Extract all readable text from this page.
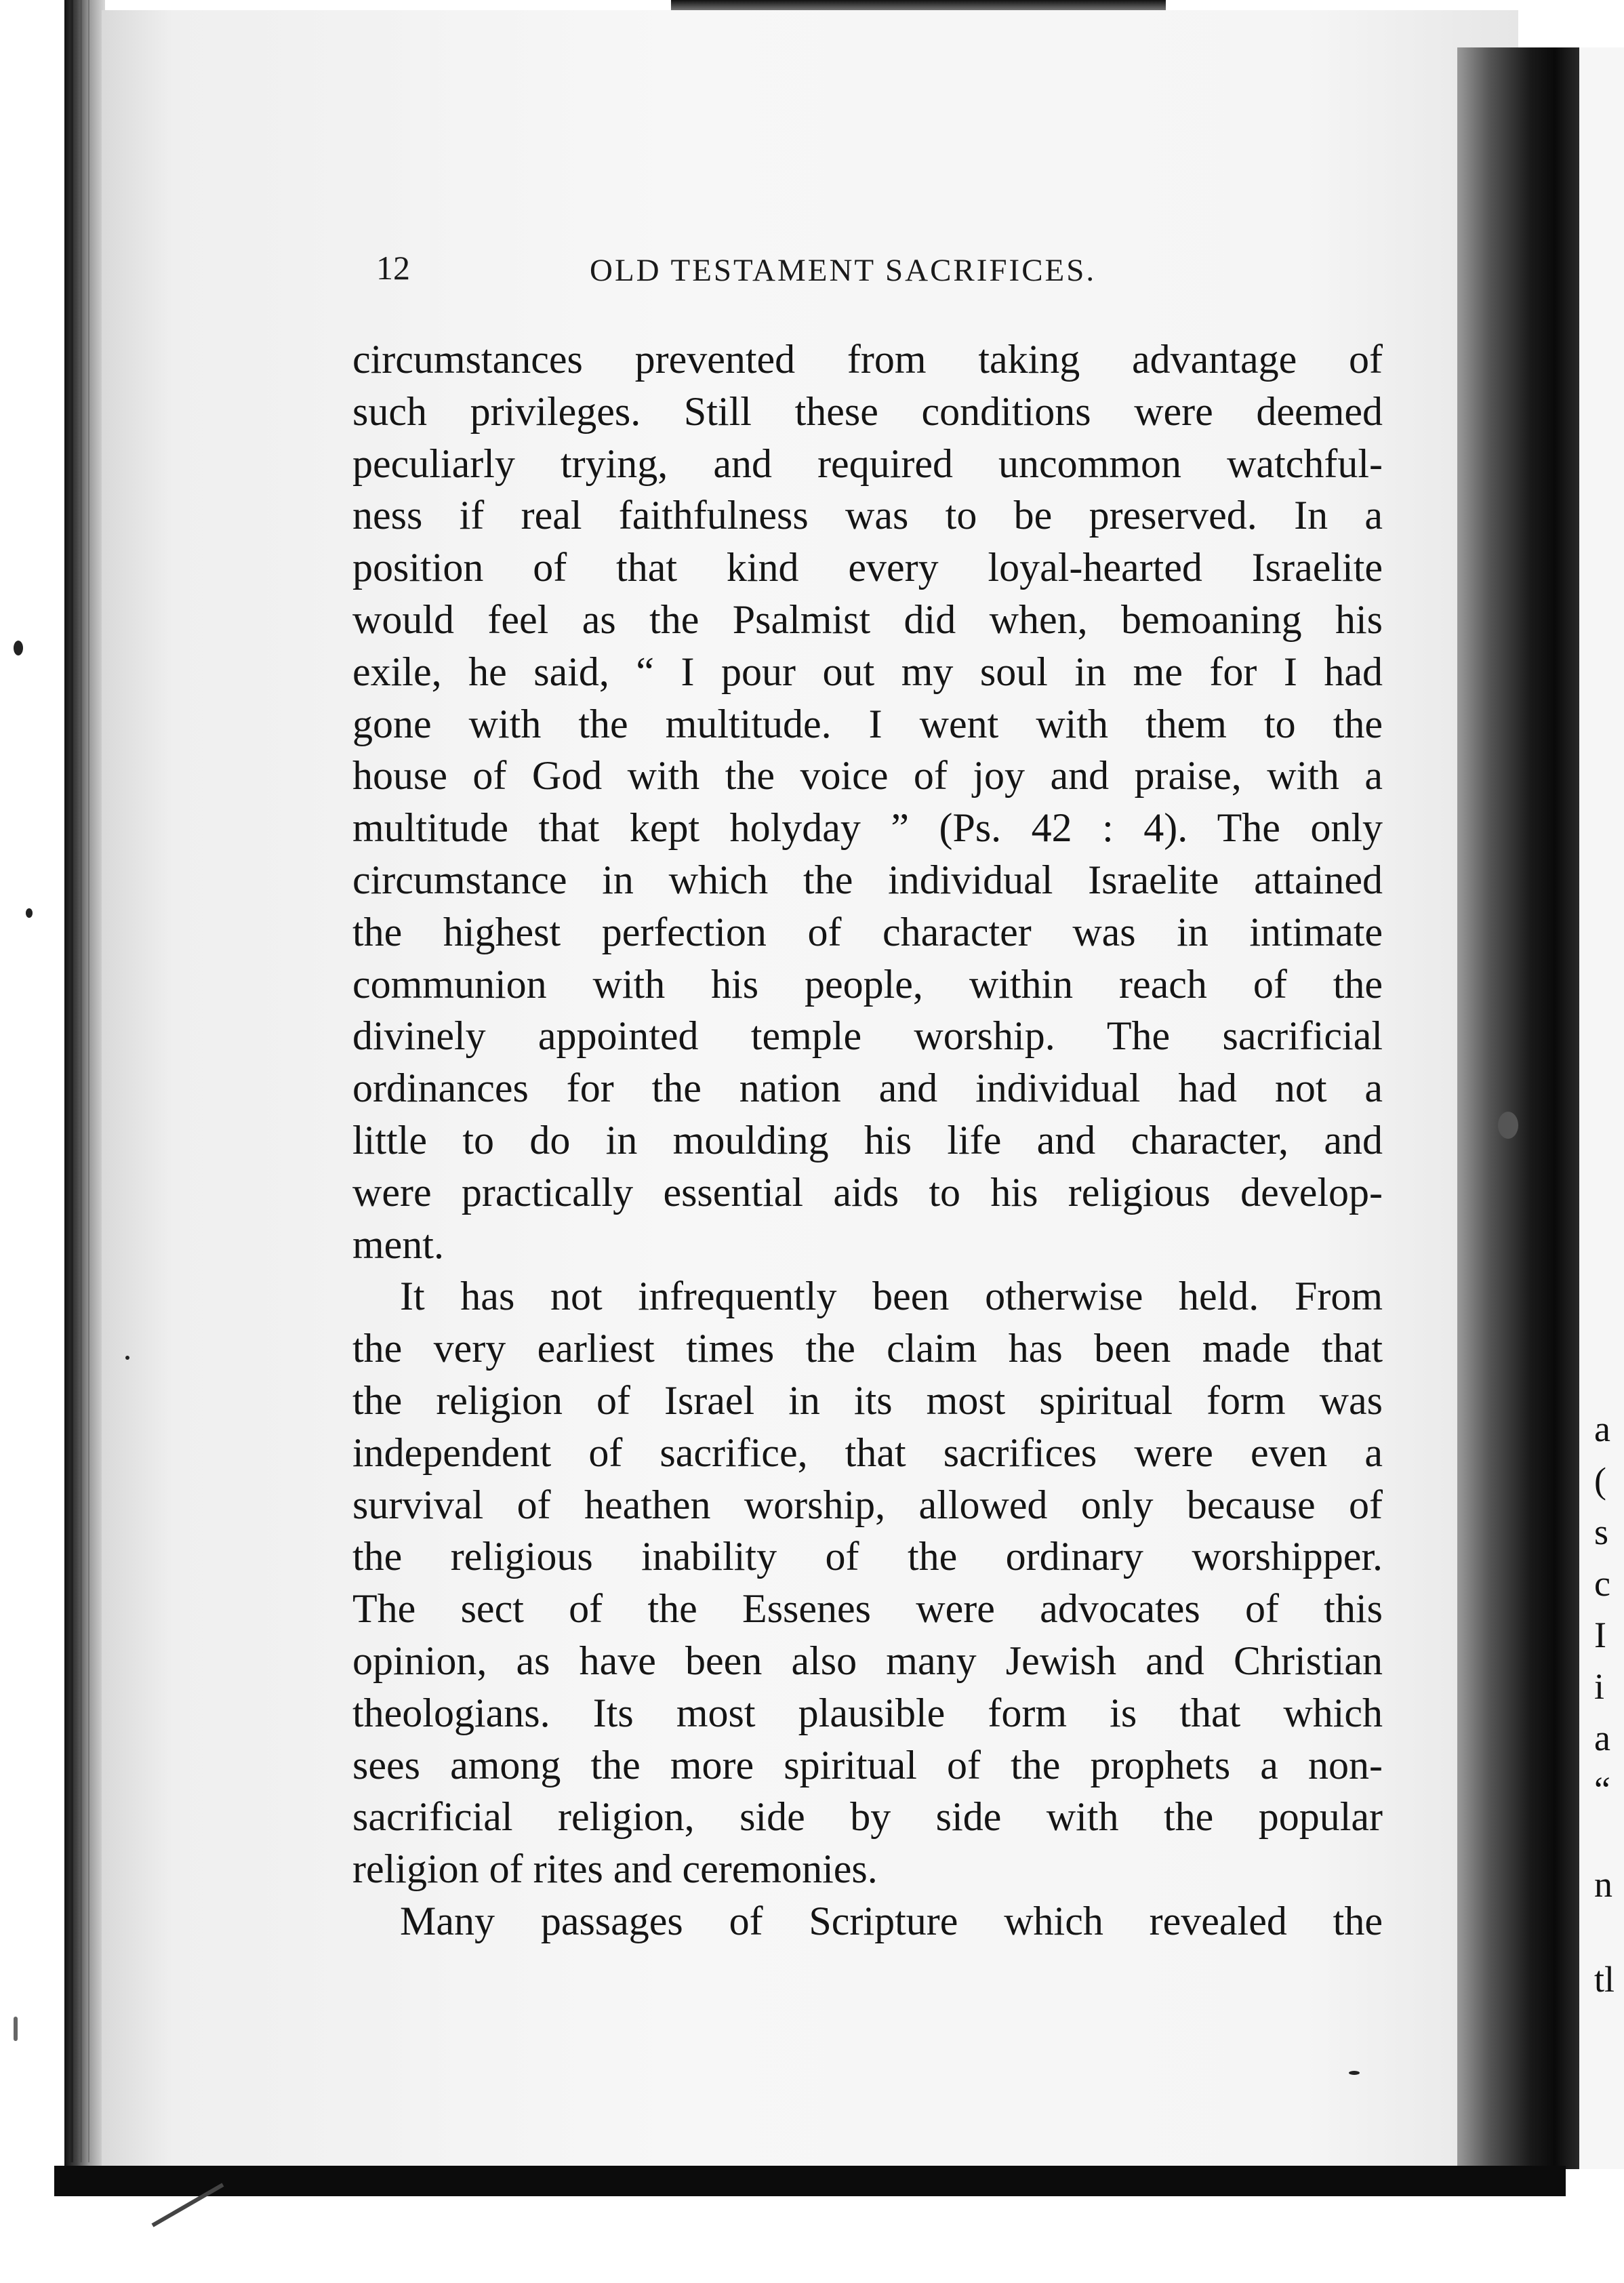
12	OLD TESTAMENT SACRIFICES.
circumstances prevented from taking advantage of
such privileges. Still these conditions were deemed
peculiarly trying, and required uncommon watchful-
ness if real faithfulness was to be preserved. In a
position of that kind every loyal-hearted Israelite
would feel as the Psalmist did when, bemoaning his
exile, he said, “ I pour out my soul in me for I had
gone with the multitude. I went with them to the
house of God with the voice of joy and praise, with a
multitude that kept holyday ” (Ps. 42 : 4). The only
circumstance in which the individual Israelite attained
the highest perfection of character was in intimate
communion with his people, within reach of the
divinely appointed temple worship. The sacrificial
ordinances for the nation and individual had not a
little to do in moulding his life and character, and
were practically essential aids to his religious develop-
ment.
It has not infrequently been otherwise held. From
the very earliest times the claim has been made that
the religion of Israel in its most spiritual form was
independent of sacrifice, that sacrifices were even a
survival of heathen worship, allowed only because of
the religious inability of the ordinary worshipper.
The sect of the Essenes were advocates of this
opinion, as have been also many Jewish and Christian
theologians. Its most plausible form is that which
sees among the more spiritual of the prophets a non-
sacrificial religion, side by side with the popular
religion of rites and ceremonies.
Many passages of Scripture which revealed the
a
(
s
c
I
i
a
“
n
tl
